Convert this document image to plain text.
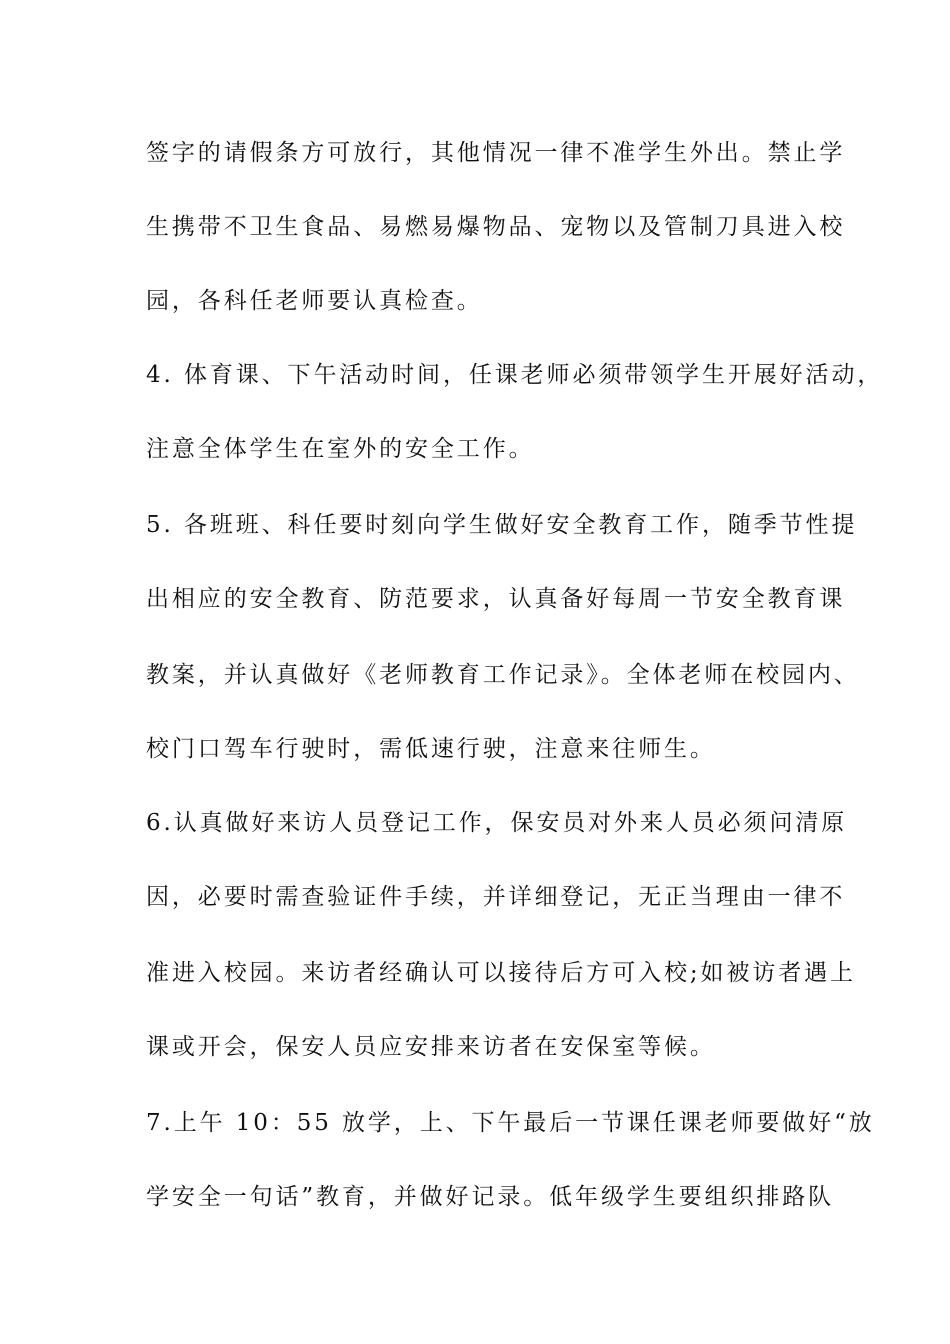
签字的请假条方可放行，其他情况一律不准学生外出。禁止学
生携带不卫生食品、易燃易爆物品、宠物以及管制刀具进入校
园，各科任老师要认真检查。
4. 体育课、下午活动时间，任课老师必须带领学生开展好活动，
注意全体学生在室外的安全工作。
5. 各班班、科任要时刻向学生做好安全教育工作，随季节性提
出相应的安全教育、防范要求，认真备好每周一节安全教育课
教案，并认真做好《老师教育工作记录》。全体老师在校园内、
校门口驾车行驶时，需低速行驶，注意来往师生。
6.认真做好来访人员登记工作，保安员对外来人员必须问清原
因，必要时需查验证件手续，并详细登记，无正当理由一律不
准进入校园。来访者经确认可以接待后方可入校;如被访者遇上
课或开会，保安人员应安排来访者在安保室等候。
7.上午 10：55 放学，上、下午最后一节课任课老师要做好“放
学安全一句话”教育，并做好记录。低年级学生要组织排路队
